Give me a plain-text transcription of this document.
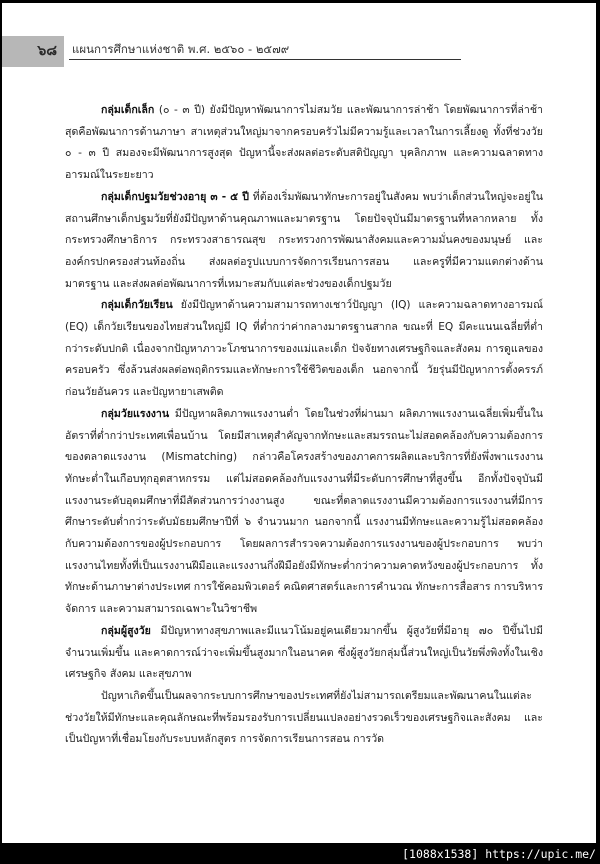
๖๘ แผนการศึกษาแห่งชาติ พ.ศ. ๒๕๖๐ - ๒๕๗๙

กลุ่มเด็กเล็ก (๐ - ๓ ปี) ยังมีปัญหาพัฒนาการไม่สมวัย และพัฒนาการล่าช้า โดยพัฒนาการที่ล่าช้าสุดคือพัฒนาการด้านภาษา สาเหตุส่วนใหญ่มาจากครอบครัวไม่มีความรู้และเวลาในการเลี้ยงดู ทั้งที่ช่วงวัย ๐ - ๓ ปี สมองจะมีพัฒนาการสูงสุด ปัญหานี้จะส่งผลต่อระดับสติปัญญา บุคลิกภาพ และความฉลาดทางอารมณ์ในระยะยาว

กลุ่มเด็กปฐมวัยช่วงอายุ ๓ - ๕ ปี ที่ต้องเริ่มพัฒนาทักษะการอยู่ในสังคม พบว่าเด็กส่วนใหญ่จะอยู่ในสถานศึกษาเด็กปฐมวัยที่ยังมีปัญหาด้านคุณภาพและมาตรฐาน โดยปัจจุบันมีมาตรฐานที่หลากหลาย ทั้งกระทรวงศึกษาธิการ กระทรวงสาธารณสุข กระทรวงการพัฒนาสังคมและความมั่นคงของมนุษย์ และองค์กรปกครองส่วนท้องถิ่น ส่งผลต่อรูปแบบการจัดการเรียนการสอน และครูที่มีความแตกต่างด้านมาตรฐาน และส่งผลต่อพัฒนาการที่เหมาะสมกับแต่ละช่วงของเด็กปฐมวัย

กลุ่มเด็กวัยเรียน ยังมีปัญหาด้านความสามารถทางเชาว์ปัญญา (IQ) และความฉลาดทางอารมณ์ (EQ) เด็กวัยเรียนของไทยส่วนใหญ่มี IQ ที่ต่ำกว่าค่ากลางมาตรฐานสากล ขณะที่ EQ มีคะแนนเฉลี่ยที่ต่ำกว่าระดับปกติ เนื่องจากปัญหาภาวะโภชนาการของแม่และเด็ก ปัจจัยทางเศรษฐกิจและสังคม การดูแลของครอบครัว ซึ่งล้วนส่งผลต่อพฤติกรรมและทักษะการใช้ชีวิตของเด็ก นอกจากนี้ วัยรุ่นมีปัญหาการตั้งครรภ์ก่อนวัยอันควร และปัญหายาเสพติด

กลุ่มวัยแรงงาน มีปัญหาผลิตภาพแรงงานต่ำ โดยในช่วงที่ผ่านมา ผลิตภาพแรงงานเฉลี่ยเพิ่มขึ้นในอัตราที่ต่ำกว่าประเทศเพื่อนบ้าน โดยมีสาเหตุสำคัญจากทักษะและสมรรถนะไม่สอดคล้องกับความต้องการของตลาดแรงงาน (Mismatching) กล่าวคือโครงสร้างของภาคการผลิตและบริการที่ยังพึ่งพาแรงงานทักษะต่ำในเกือบทุกอุตสาหกรรม แต่ไม่สอดคล้องกับแรงงานที่มีระดับการศึกษาที่สูงขึ้น อีกทั้งปัจจุบันมีแรงงานระดับอุดมศึกษาที่มีสัดส่วนการว่างงานสูง ขณะที่ตลาดแรงงานมีความต้องการแรงงานที่มีการศึกษาระดับต่ำกว่าระดับมัธยมศึกษาปีที่ ๖ จำนวนมาก นอกจากนี้ แรงงานมีทักษะและความรู้ไม่สอดคล้องกับความต้องการของผู้ประกอบการ โดยผลการสำรวจความต้องการแรงงานของผู้ประกอบการ พบว่า แรงงานไทยทั้งที่เป็นแรงงานฝีมือและแรงงานกึ่งฝีมือยังมีทักษะต่ำกว่าความคาดหวังของผู้ประกอบการ ทั้งทักษะด้านภาษาต่างประเทศ การใช้คอมพิวเตอร์ คณิตศาสตร์และการคำนวณ ทักษะการสื่อสาร การบริหารจัดการ และความสามารถเฉพาะในวิชาชีพ

กลุ่มผู้สูงวัย มีปัญหาทางสุขภาพและมีแนวโน้มอยู่คนเดียวมากขึ้น ผู้สูงวัยที่มีอายุ ๗๐ ปีขึ้นไปมีจำนวนเพิ่มขึ้น และคาดการณ์ว่าจะเพิ่มขึ้นสูงมากในอนาคต ซึ่งผู้สูงวัยกลุ่มนี้ส่วนใหญ่เป็นวัยพึ่งพิงทั้งในเชิงเศรษฐกิจ สังคม และสุขภาพ

ปัญหาเกิดขึ้นเป็นผลจากระบบการศึกษาของประเทศที่ยังไม่สามารถเตรียมและพัฒนาคนในแต่ละช่วงวัยให้มีทักษะและคุณลักษณะที่พร้อมรองรับการเปลี่ยนแปลงอย่างรวดเร็วของเศรษฐกิจและสังคม และเป็นปัญหาที่เชื่อมโยงกับระบบหลักสูตร การจัดการเรียนการสอน การวัด

[1088x1538] https://upic.me/
